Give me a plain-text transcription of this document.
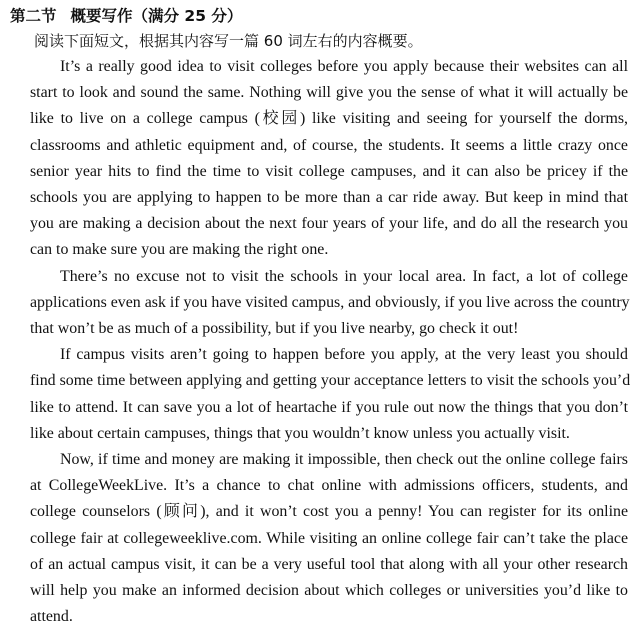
第二节 概要写作（满分 25 分）
阅读下面短文，根据其内容写一篇 60 词左右的内容概要。
It’s a really good idea to visit colleges before you apply because their websites can all
start to look and sound the same. Nothing will give you the sense of what it will actually be
like to live on a college campus (校园) like visiting and seeing for yourself the dorms,
classrooms and athletic equipment and, of course, the students. It seems a little crazy once
senior year hits to find the time to visit college campuses, and it can also be pricey if the
schools you are applying to happen to be more than a car ride away. But keep in mind that
you are making a decision about the next four years of your life, and do all the research you
can to make sure you are making the right one.
There’s no excuse not to visit the schools in your local area. In fact, a lot of college
applications even ask if you have visited campus, and obviously, if you live across the country
that won’t be as much of a possibility, but if you live nearby, go check it out!
If campus visits aren’t going to happen before you apply, at the very least you should
find some time between applying and getting your acceptance letters to visit the schools you’d
like to attend. It can save you a lot of heartache if you rule out now the things that you don’t
like about certain campuses, things that you wouldn’t know unless you actually visit.
Now, if time and money are making it impossible, then check out the online college fairs
at CollegeWeekLive. It’s a chance to chat online with admissions officers, students, and
college counselors (顾问), and it won’t cost you a penny! You can register for its online
college fair at collegeweeklive.com. While visiting an online college fair can’t take the place
of an actual campus visit, it can be a very useful tool that along with all your other research
will help you make an informed decision about which colleges or universities you’d like to
attend.
